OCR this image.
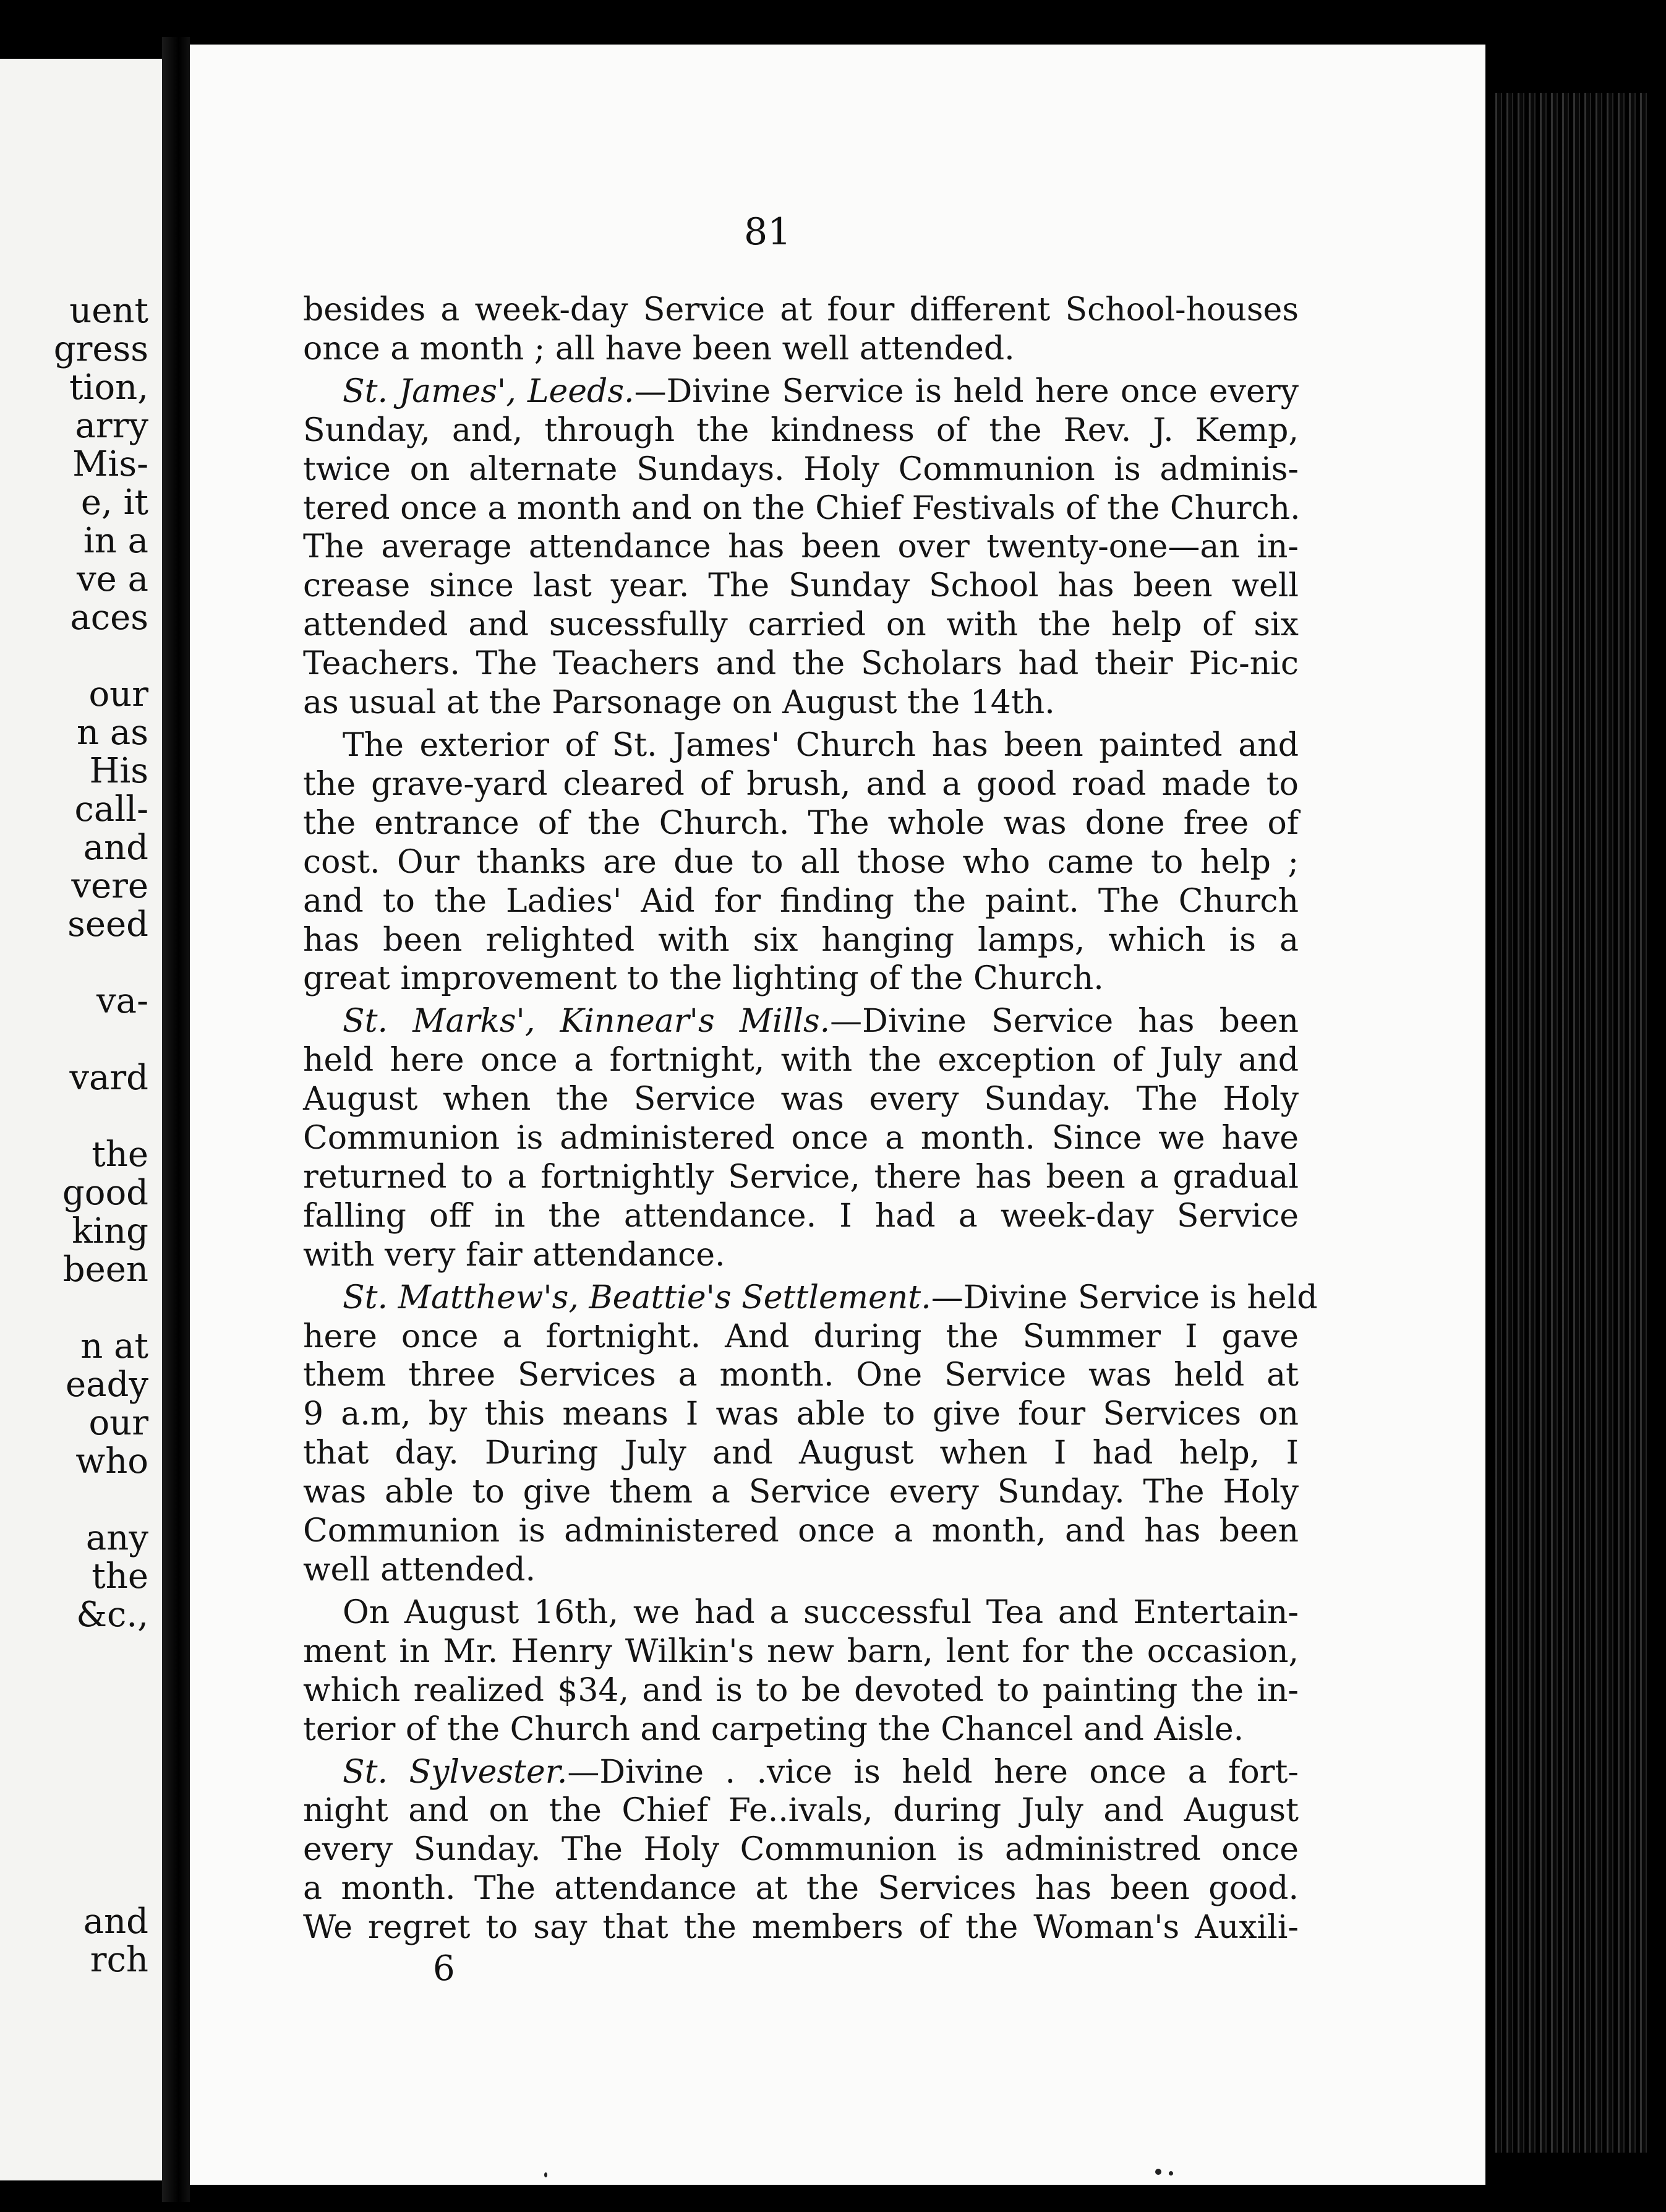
uent
gress
tion,
arry
Mis-
e, it
in a
ve a
aces
our
n as
His
call-
and
vere
seed
va-
vard
the
good
king
been
n at
eady
our
who
any
the
&c.,
and
rch
81
besides a week-day Service at four different School-houses
once a month ; all have been well attended.
St. James', Leeds.—Divine Service is held here once every
Sunday, and, through the kindness of the Rev. J. Kemp,
twice on alternate Sundays. Holy Communion is adminis-
tered once a month and on the Chief Festivals of the Church.
The average attendance has been over twenty-one—an in-
crease since last year. The Sunday School has been well
attended and sucessfully carried on with the help of six
Teachers. The Teachers and the Scholars had their Pic-nic
as usual at the Parsonage on August the 14th.
The exterior of St. James' Church has been painted and
the grave-yard cleared of brush, and a good road made to
the entrance of the Church. The whole was done free of
cost. Our thanks are due to all those who came to help ;
and to the Ladies' Aid for finding the paint. The Church
has been relighted with six hanging lamps, which is a
great improvement to the lighting of the Church.
St. Marks', Kinnear's Mills.—Divine Service has been
held here once a fortnight, with the exception of July and
August when the Service was every Sunday. The Holy
Communion is administered once a month. Since we have
returned to a fortnightly Service, there has been a gradual
falling off in the attendance. I had a week-day Service
with very fair attendance.
St. Matthew's, Beattie's Settlement.—Divine Service is held
here once a fortnight. And during the Summer I gave
them three Services a month. One Service was held at
9 a.m, by this means I was able to give four Services on
that day. During July and August when I had help, I
was able to give them a Service every Sunday. The Holy
Communion is administered once a month, and has been
well attended.
On August 16th, we had a successful Tea and Entertain-
ment in Mr. Henry Wilkin's new barn, lent for the occasion,
which realized $34, and is to be devoted to painting the in-
terior of the Church and carpeting the Chancel and Aisle.
St. Sylvester.—Divine . .vice is held here once a fort-
night and on the Chief Fe..ivals, during July and August
every Sunday. The Holy Communion is administred once
a month. The attendance at the Services has been good.
We regret to say that the members of the Woman's Auxili-
6
